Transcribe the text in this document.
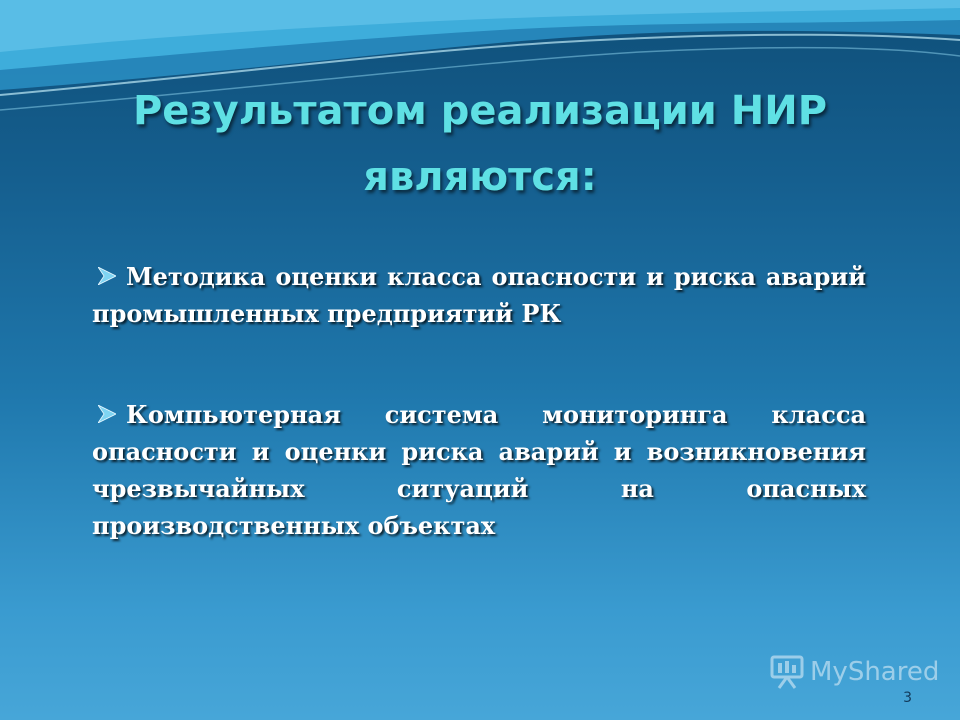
Результатом реализации НИР
являются:
Методика оценки класса опасности и риска аварий промышленных предприятий РК
Компьютерная система мониторинга класса опасности и оценки риска аварий и возникновения чрезвычайных ситуаций на опасных производственных объектах
MyShared
3
